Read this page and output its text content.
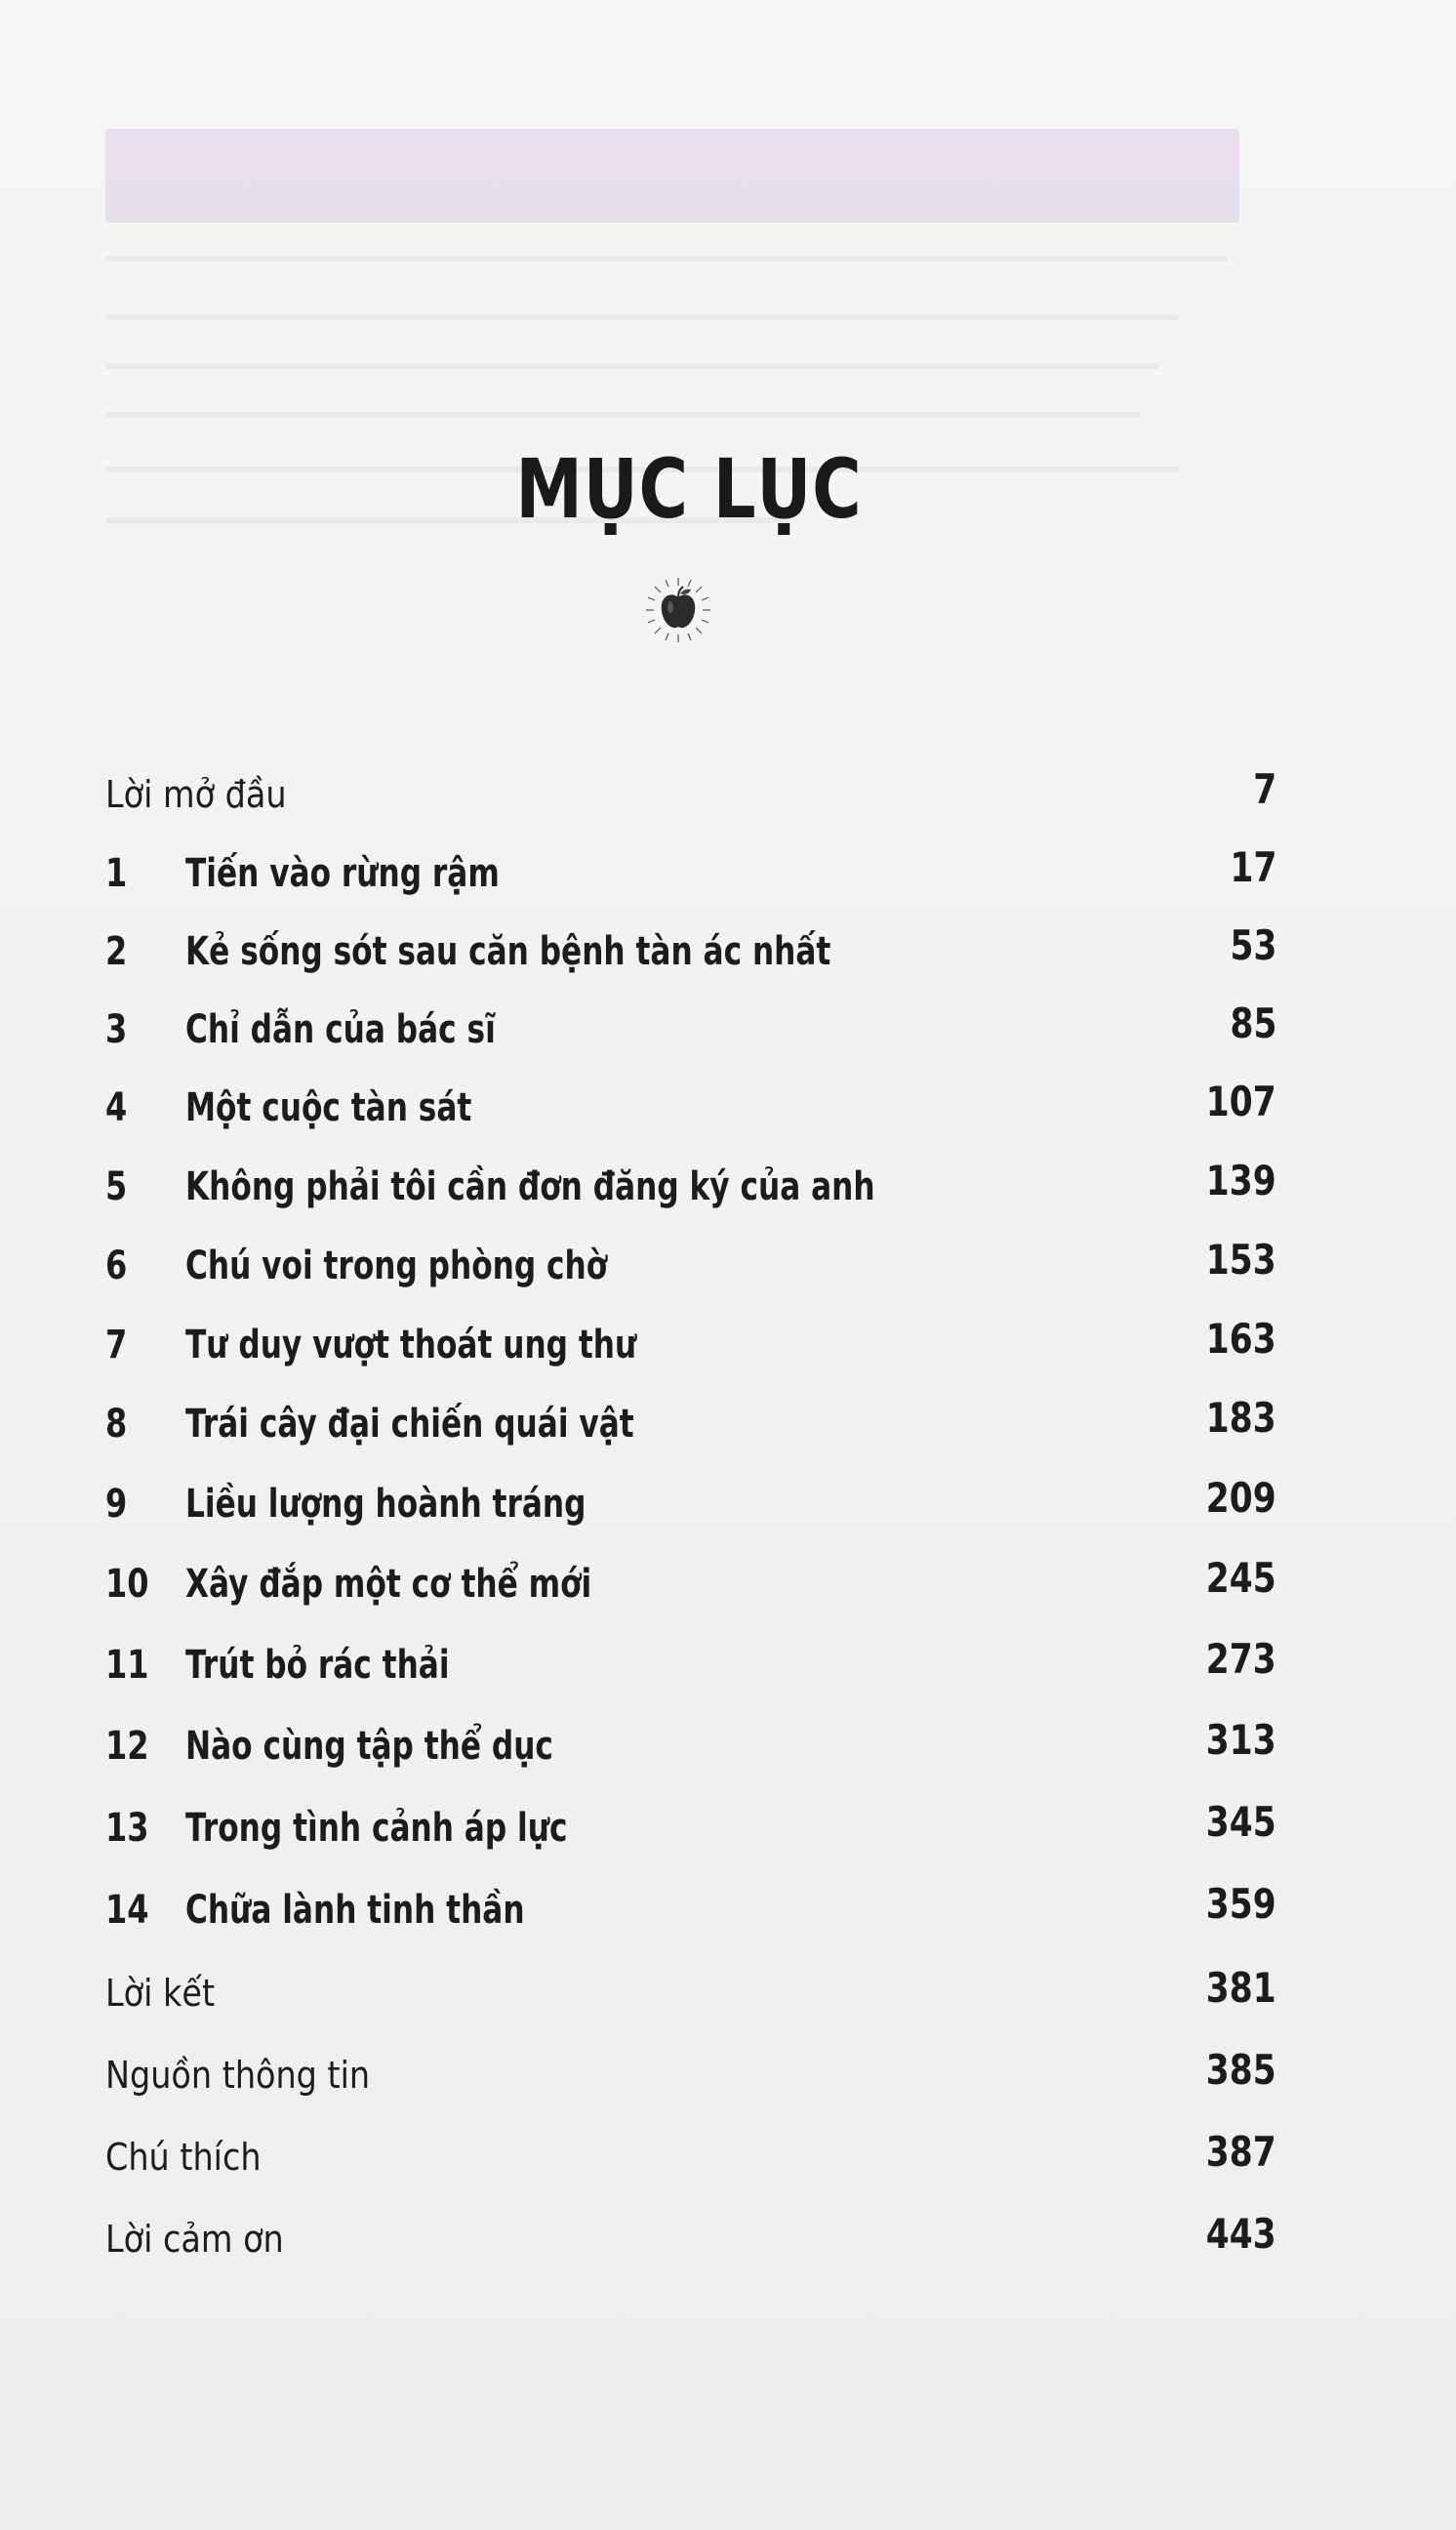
MỤC LỤC
Lời mở đầu	7
1 Tiến vào rừng rậm	17
2 Kẻ sống sót sau căn bệnh tàn ác nhất	53
3 Chỉ dẫn của bác sĩ	85
4 Một cuộc tàn sát	107
5 Không phải tôi cần đơn đăng ký của anh	139
6 Chú voi trong phòng chờ	153
7 Tư duy vượt thoát ung thư	163
8 Trái cây đại chiến quái vật	183
9 Liều lượng hoành tráng	209
10 Xây đắp một cơ thể mới	245
11 Trút bỏ rác thải	273
12 Nào cùng tập thể dục	313
13 Trong tình cảnh áp lực	345
14 Chữa lành tinh thần	359
Lời kết	381
Nguồn thông tin	385
Chú thích	387
Lời cảm ơn	443
